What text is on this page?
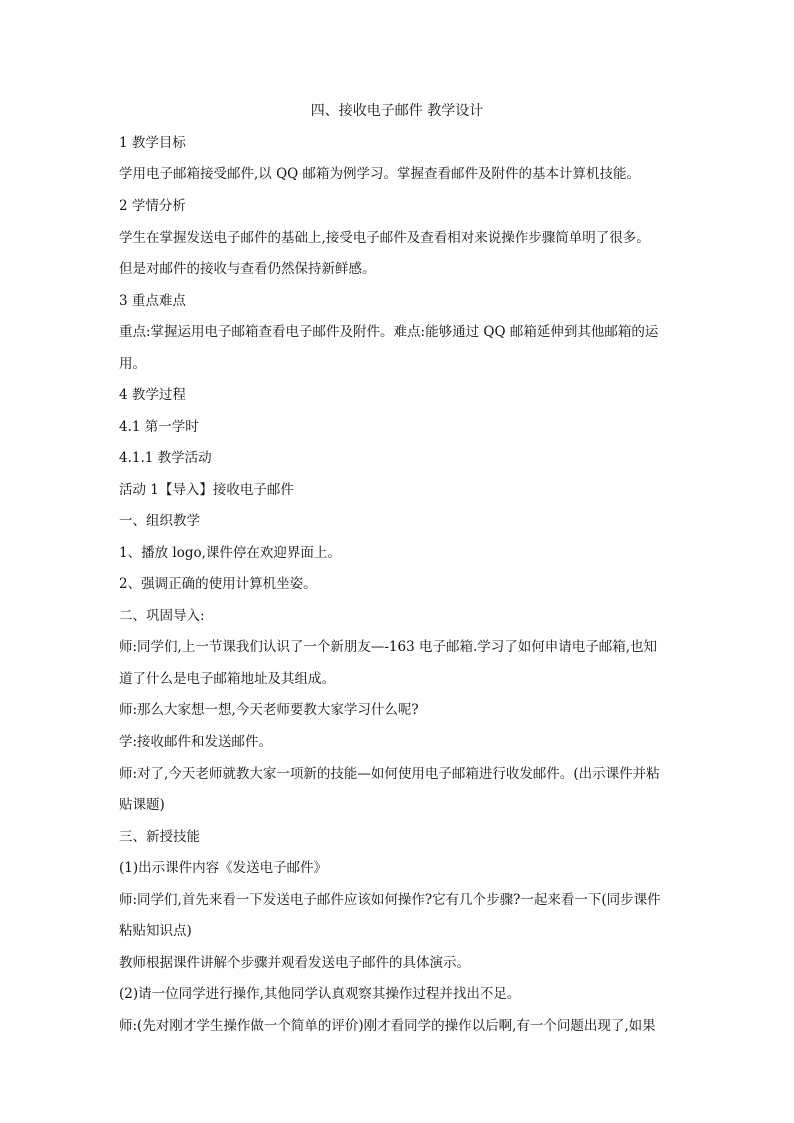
四、接收电子邮件 教学设计
1 教学目标
学用电子邮箱接受邮件,以 QQ 邮箱为例学习。掌握查看邮件及附件的基本计算机技能。
2 学情分析
学生在掌握发送电子邮件的基础上,接受电子邮件及查看相对来说操作步骤简单明了很多。
但是对邮件的接收与查看仍然保持新鲜感。
3 重点难点
重点:掌握运用电子邮箱查看电子邮件及附件。难点:能够通过 QQ 邮箱延伸到其他邮箱的运
用。
4 教学过程
4.1 第一学时
4.1.1 教学活动
活动 1【导入】接收电子邮件
一、组织教学
1、播放 logo,课件停在欢迎界面上。
2、强调正确的使用计算机坐姿。
二、巩固导入:
师:同学们,上一节课我们认识了一个新朋友—-163 电子邮箱.学习了如何申请电子邮箱,也知
道了什么是电子邮箱地址及其组成。
师:那么大家想一想,今天老师要教大家学习什么呢?
学:接收邮件和发送邮件。
师:对了,今天老师就教大家一项新的技能—如何使用电子邮箱进行收发邮件。(出示课件并粘
贴课题)
三、新授技能
(1)出示课件内容《发送电子邮件》
师:同学们,首先来看一下发送电子邮件应该如何操作?它有几个步骤?一起来看一下(同步课件
粘贴知识点)
教师根据课件讲解个步骤并观看发送电子邮件的具体演示。
(2)请一位同学进行操作,其他同学认真观察其操作过程并找出不足。
师:(先对刚才学生操作做一个简单的评价)刚才看同学的操作以后啊,有一个问题出现了,如果
